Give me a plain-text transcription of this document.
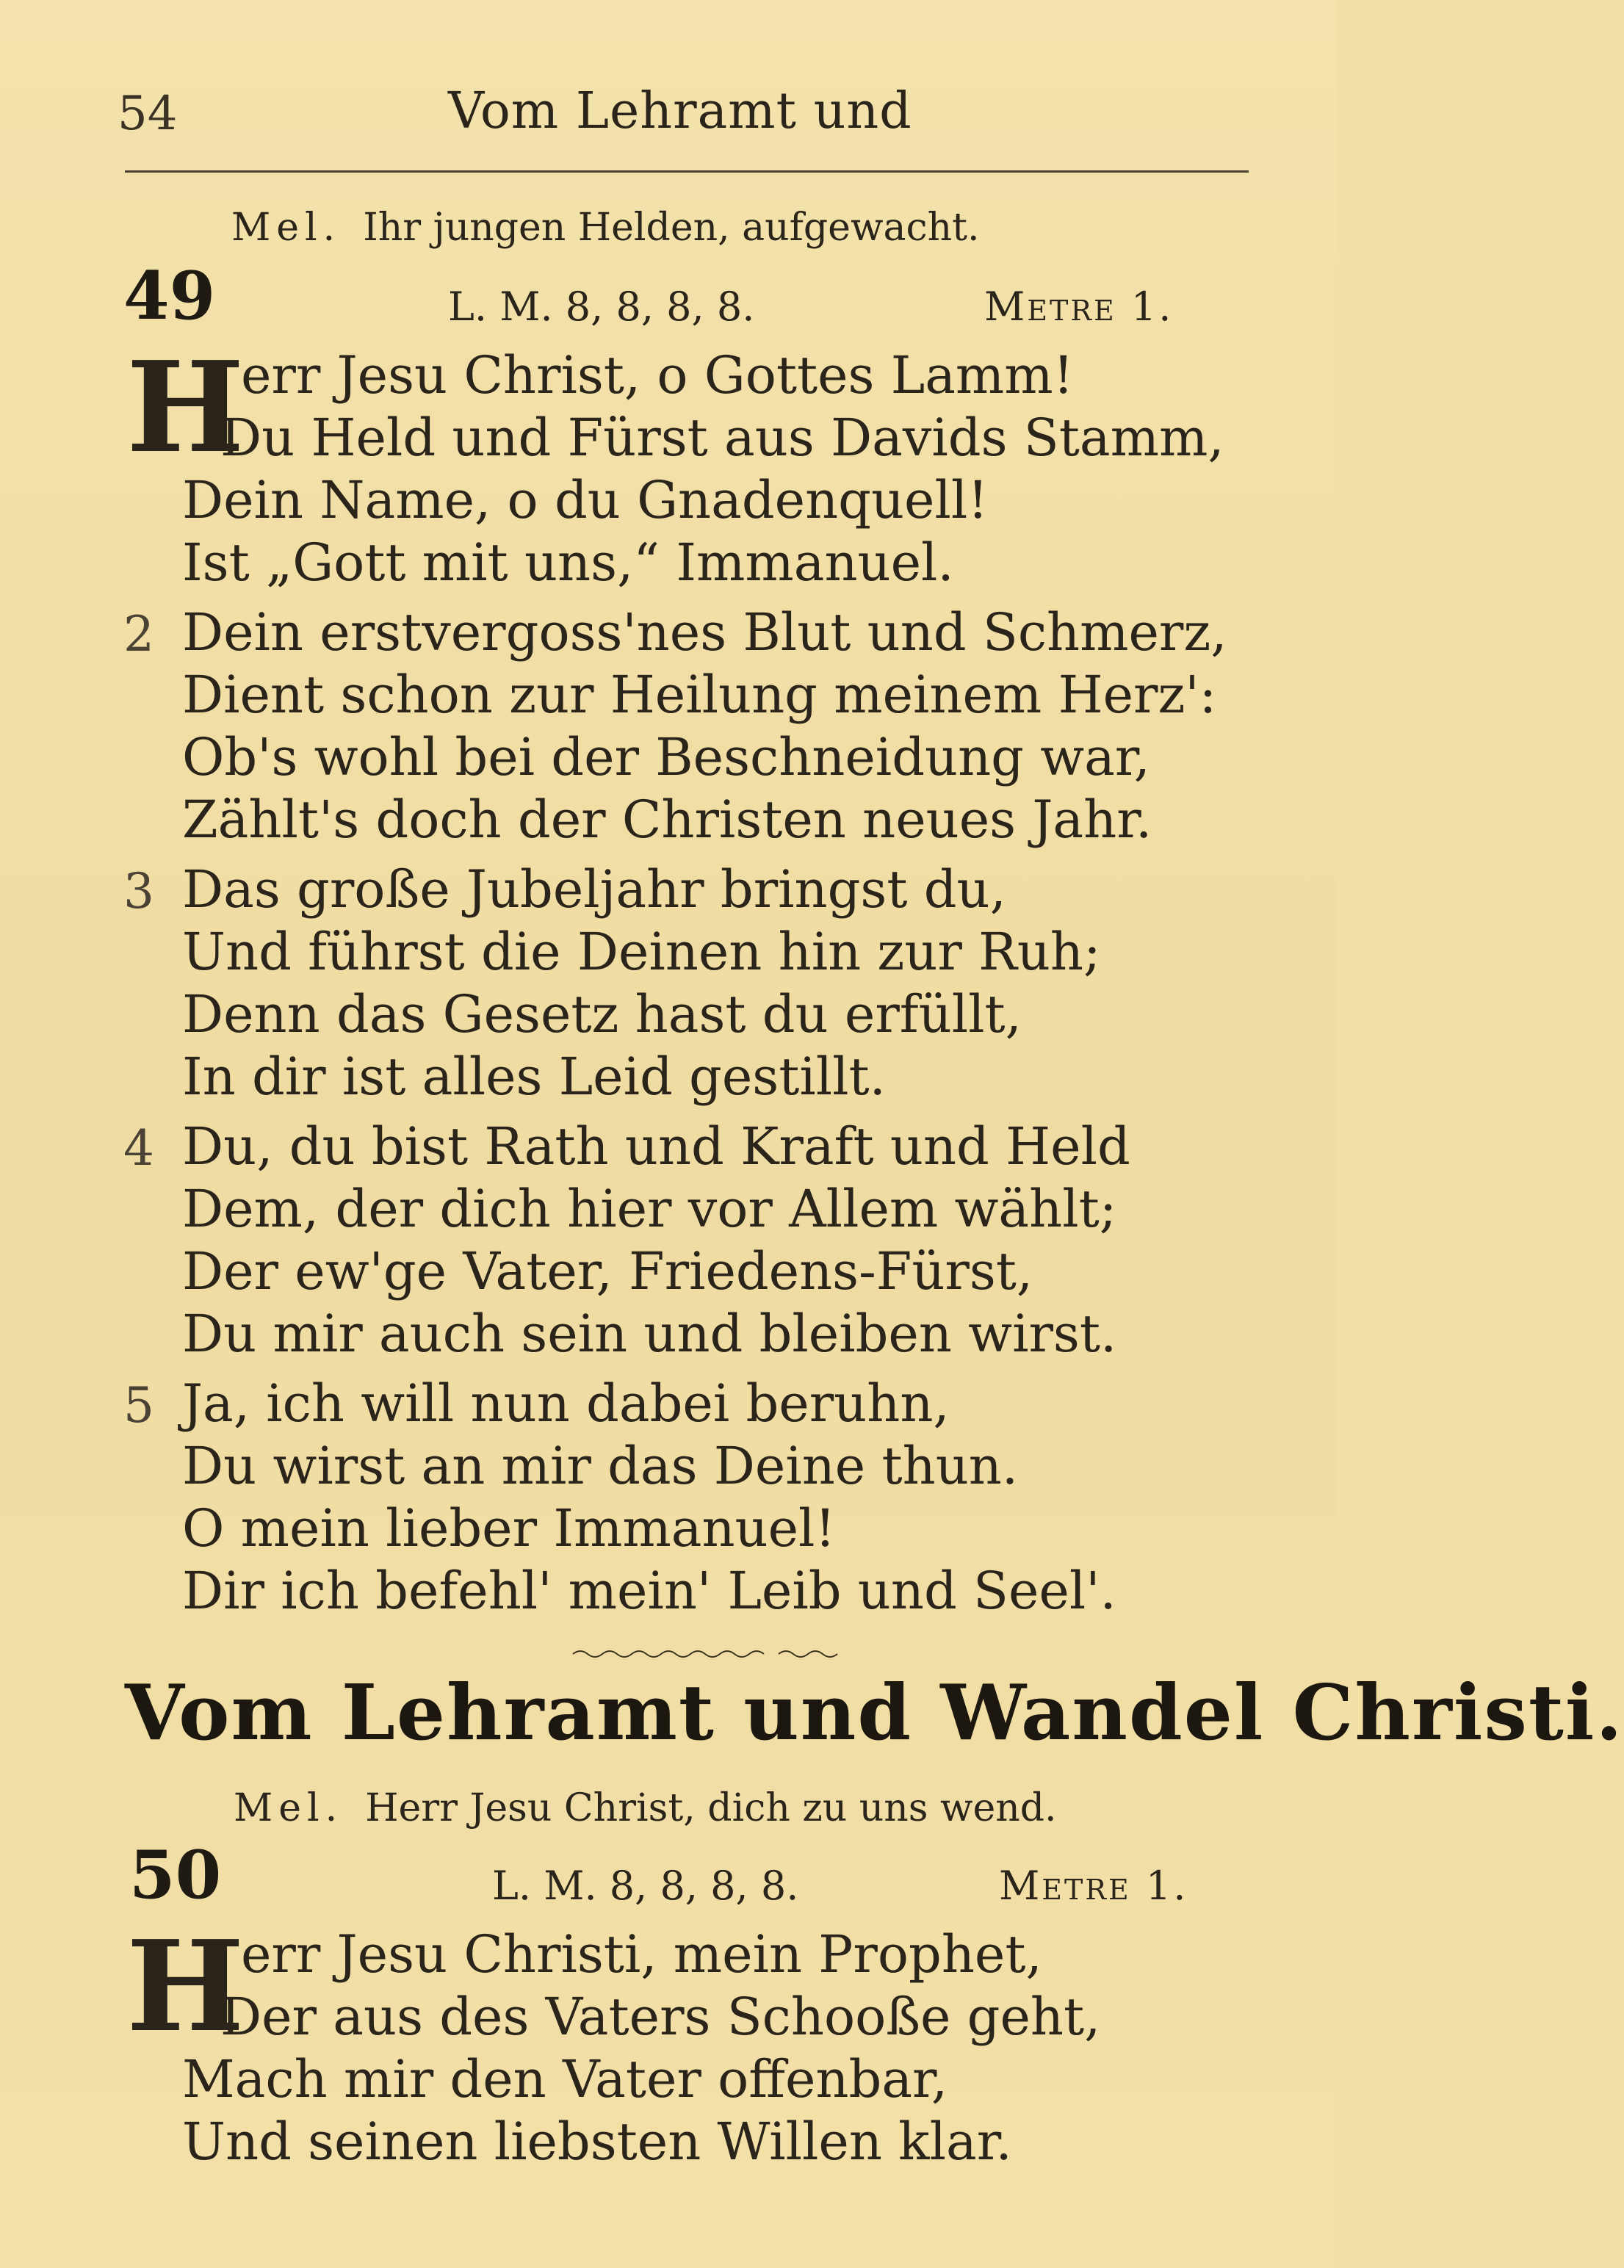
54	Vom Lehramt und
Mel. Ihr jungen Helden, aufgewacht.
49	L. M. 8, 8, 8, 8.	Metre 1.
H
err Jesu Christ, o Gottes Lamm!
Du Held und Fürst aus Davids Stamm,
Dein Name, o du Gnadenquell!
Ist „Gott mit uns,“ Immanuel.
2 Dein erstvergoss'nes Blut und Schmerz,
Dient schon zur Heilung meinem Herz':
Ob's wohl bei der Beschneidung war,
Zählt's doch der Christen neues Jahr.
3 Das große Jubeljahr bringst du,
Und führst die Deinen hin zur Ruh;
Denn das Gesetz hast du erfüllt,
In dir ist alles Leid gestillt.
4 Du, du bist Rath und Kraft und Held
Dem, der dich hier vor Allem wählt;
Der ew'ge Vater, Friedens-Fürst,
Du mir auch sein und bleiben wirst.
5 Ja, ich will nun dabei beruhn,
Du wirst an mir das Deine thun.
O mein lieber Immanuel!
Dir ich befehl' mein' Leib und Seel'.
Vom Lehramt und Wandel Christi.
Mel. Herr Jesu Christ, dich zu uns wend.
50	L. M. 8, 8, 8, 8.	Metre 1.
H
err Jesu Christi, mein Prophet,
Der aus des Vaters Schooße geht,
Mach mir den Vater offenbar,
Und seinen liebsten Willen klar.
